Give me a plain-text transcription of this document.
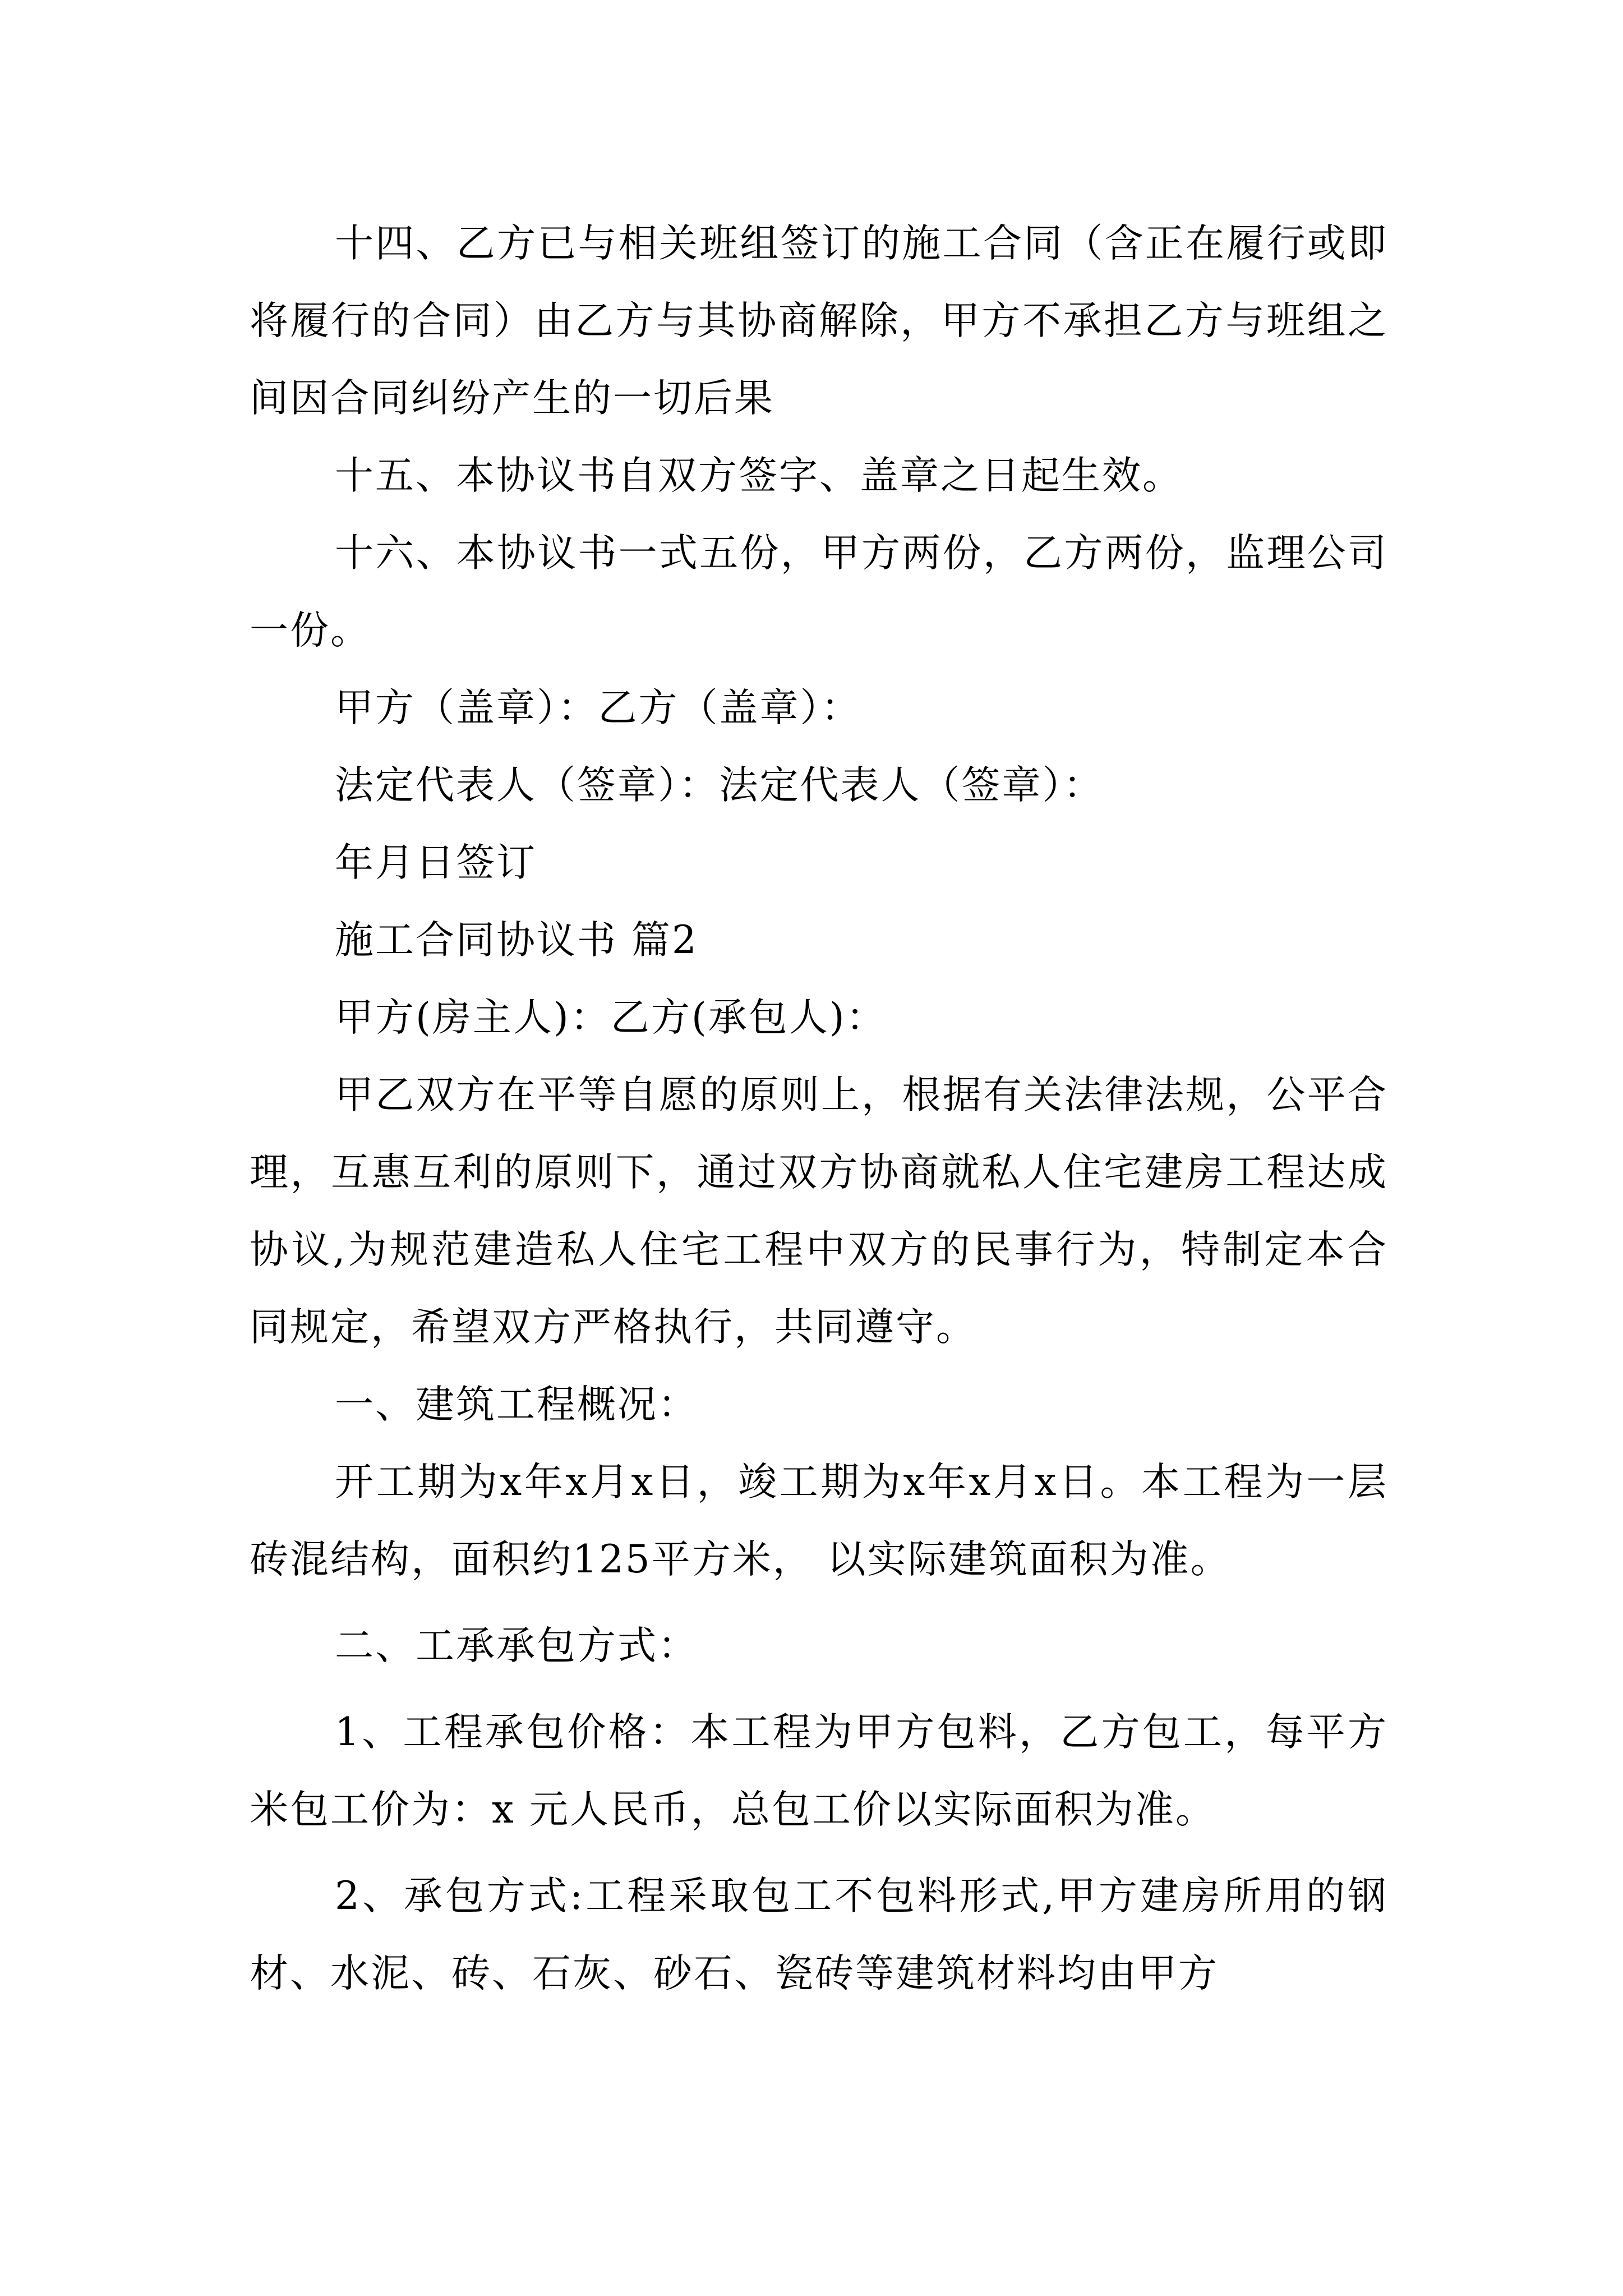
十四、乙方已与相关班组签订的施工合同（含正在履行或即将履行的合同）由乙方与其协商解除，甲方不承担乙方与班组之间因合同纠纷产生的一切后果

十五、本协议书自双方签字、盖章之日起生效。

十六、本协议书一式五份，甲方两份，乙方两份，监理公司一份。

甲方（盖章）：乙方（盖章）：

法定代表人（签章）：法定代表人（签章）：

年月日签订

施工合同协议书 篇2

甲方(房主人)：乙方(承包人)：

甲乙双方在平等自愿的原则上，根据有关法律法规，公平合理，互惠互利的原则下，通过双方协商就私人住宅建房工程达成协议,为规范建造私人住宅工程中双方的民事行为，特制定本合同规定，希望双方严格执行，共同遵守。

一、建筑工程概况：

开工期为x年x月x日，竣工期为x年x月x日。本工程为一层砖混结构，面积约125平方米， 以实际建筑面积为准。

二、工承承包方式：

1、工程承包价格：本工程为甲方包料，乙方包工，每平方米包工价为：x 元人民币，总包工价以实际面积为准。

2、承包方式:工程采取包工不包料形式,甲方建房所用的钢材、水泥、砖、石灰、砂石、瓷砖等建筑材料均由甲方
